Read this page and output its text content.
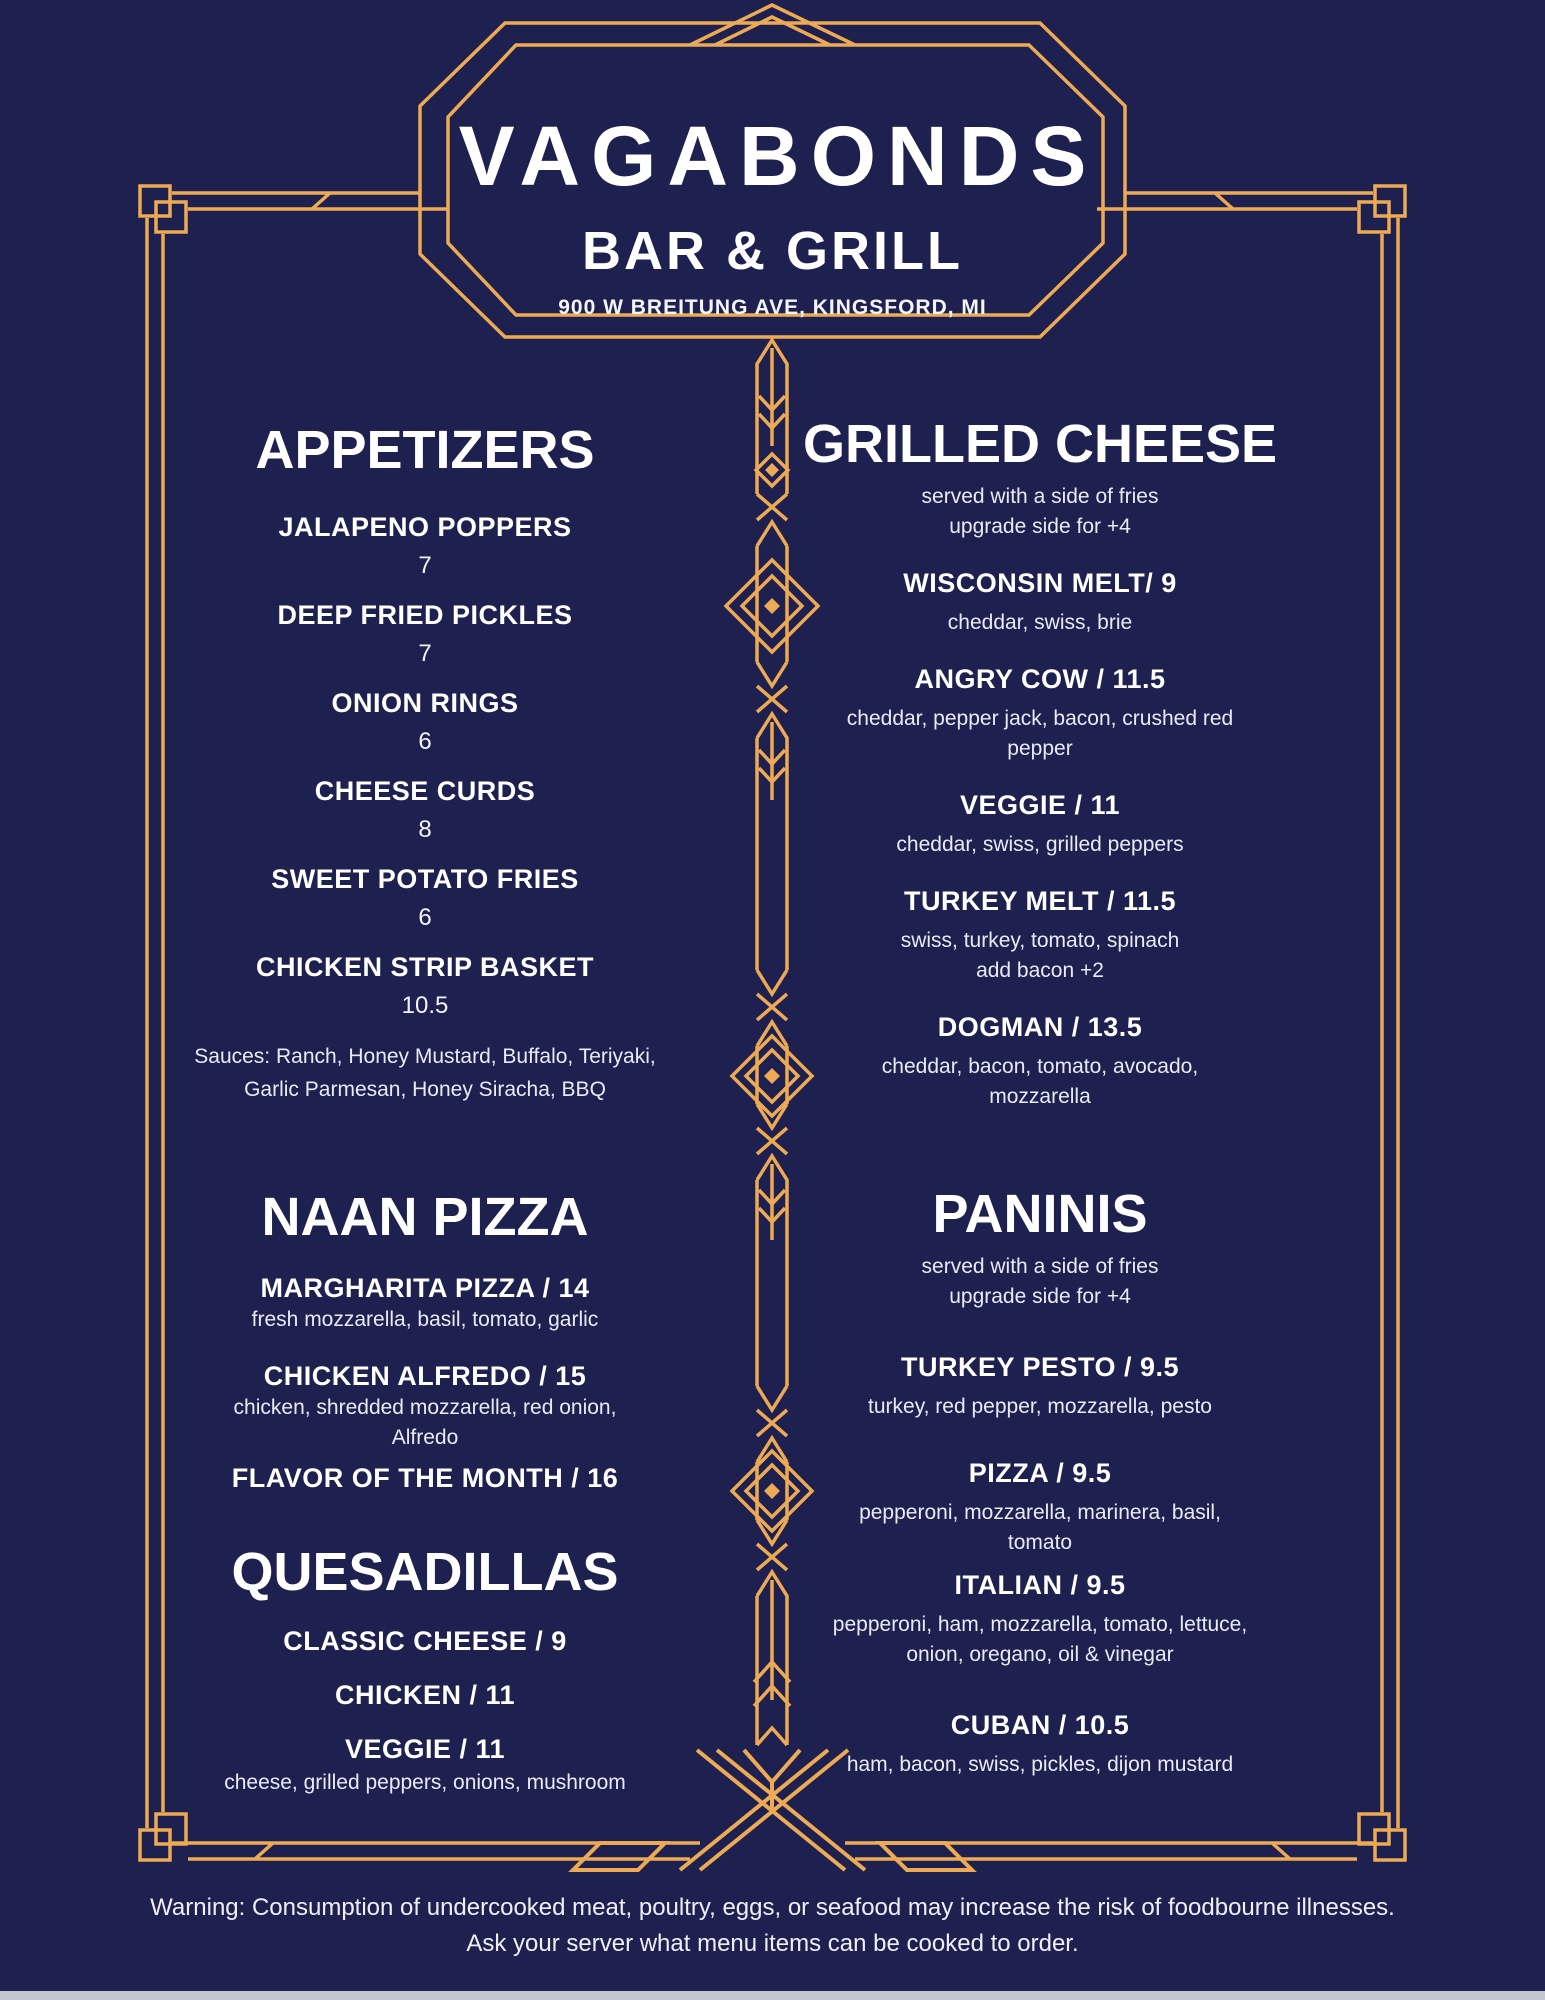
VAGABONDS
BAR & GRILL
900 W BREITUNG AVE, KINGSFORD, MI
APPETIZERS
JALAPENO POPPERS
7
DEEP FRIED PICKLES
7
ONION RINGS
6
CHEESE CURDS
8
SWEET POTATO FRIES
6
CHICKEN STRIP BASKET
10.5
Sauces: Ranch, Honey Mustard, Buffalo, Teriyaki,
Garlic Parmesan, Honey Siracha, BBQ
NAAN PIZZA
MARGHARITA PIZZA / 14
fresh mozzarella, basil, tomato, garlic
CHICKEN ALFREDO / 15
chicken, shredded mozzarella, red onion,
Alfredo
FLAVOR OF THE MONTH / 16
QUESADILLAS
CLASSIC CHEESE / 9
CHICKEN / 11
VEGGIE / 11
cheese, grilled peppers, onions, mushroom
GRILLED CHEESE
served with a side of fries
upgrade side for +4
WISCONSIN MELT/ 9
cheddar, swiss, brie
ANGRY COW / 11.5
cheddar, pepper jack, bacon, crushed red
pepper
VEGGIE / 11
cheddar, swiss, grilled peppers
TURKEY MELT / 11.5
swiss, turkey, tomato, spinach
add bacon +2
DOGMAN / 13.5
cheddar, bacon, tomato, avocado,
mozzarella
PANINIS
served with a side of fries
upgrade side for +4
TURKEY PESTO / 9.5
turkey, red pepper, mozzarella, pesto
PIZZA / 9.5
pepperoni, mozzarella, marinera, basil,
tomato
ITALIAN / 9.5
pepperoni, ham, mozzarella, tomato, lettuce,
onion, oregano, oil & vinegar
CUBAN / 10.5
ham, bacon, swiss, pickles, dijon mustard
Warning: Consumption of undercooked meat, poultry, eggs, or seafood may increase the risk of foodbourne illnesses.
Ask your server what menu items can be cooked to order.
